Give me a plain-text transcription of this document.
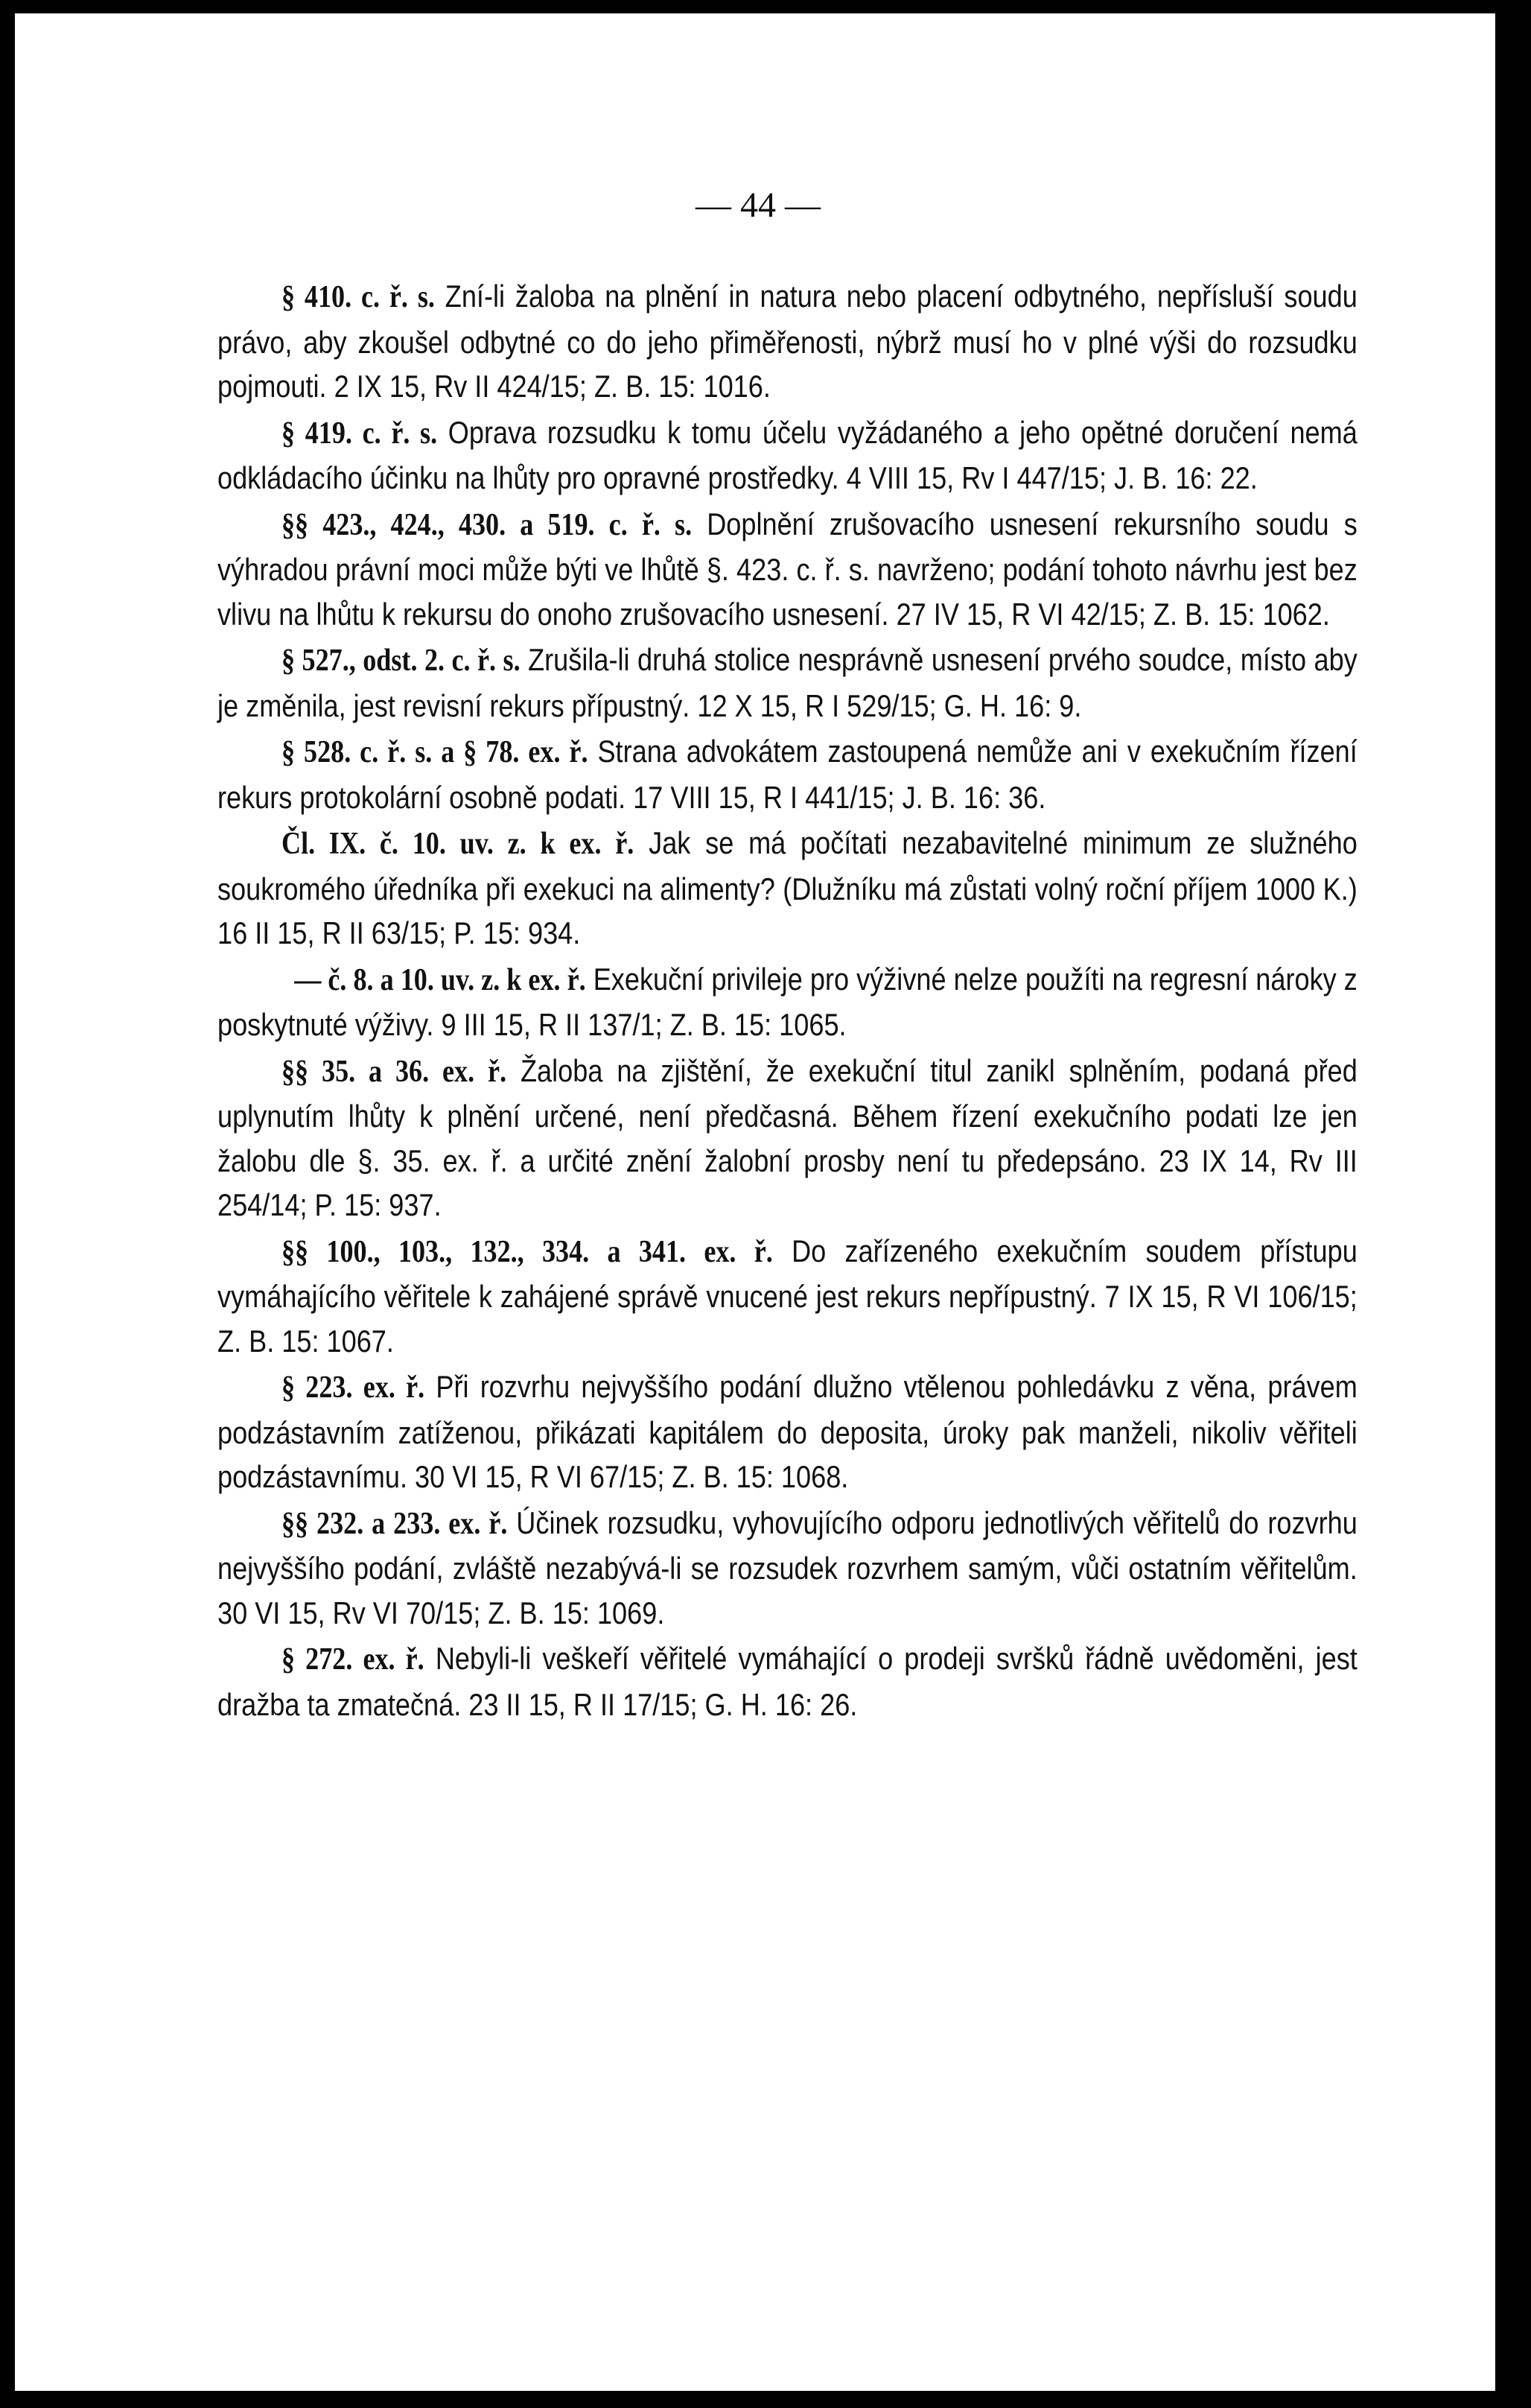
— 44 —

§ 410. c. ř. s. Zní-li žaloba na plnění in natura nebo placení odbytného, nepřísluší soudu právo, aby zkoušel odbytné co do jeho přiměřenosti, nýbrž musí ho v plné výši do rozsudku pojmouti. 2 IX 15, Rv II 424/15; Z. B. 15: 1016.

§ 419. c. ř. s. Oprava rozsudku k tomu účelu vyžádaného a jeho opětné doručení nemá odkládacího účinku na lhůty pro opravné prostředky. 4 VIII 15, Rv I 447/15; J. B. 16: 22.

§§ 423., 424., 430. a 519. c. ř. s. Doplnění zrušovacího usnesení rekursního soudu s výhradou právní moci může býti ve lhůtě §. 423. c. ř. s. navrženo; podání tohoto návrhu jest bez vlivu na lhůtu k rekursu do onoho zrušovacího usnesení. 27 IV 15, R VI 42/15; Z. B. 15: 1062.

§ 527., odst. 2. c. ř. s. Zrušila-li druhá stolice nesprávně usnesení prvého soudce, místo aby je změnila, jest revisní rekurs přípustný. 12 X 15, R I 529/15; G. H. 16: 9.

§ 528. c. ř. s. a § 78. ex. ř. Strana advokátem zastoupená nemůže ani v exekučním řízení rekurs protokolární osobně podati. 17 VIII 15, R I 441/15; J. B. 16: 36.

Čl. IX. č. 10. uv. z. k ex. ř. Jak se má počítati nezabavitelné minimum ze služného soukromého úředníka při exekuci na alimenty? (Dlužníku má zůstati volný roční příjem 1000 K.) 16 II 15, R II 63/15; P. 15: 934.

— č. 8. a 10. uv. z. k ex. ř. Exekuční privileje pro výživné nelze použíti na regresní nároky z poskytnuté výživy. 9 III 15, R II 137/1; Z. B. 15: 1065.

§§ 35. a 36. ex. ř. Žaloba na zjištění, že exekuční titul zanikl splněním, podaná před uplynutím lhůty k plnění určené, není předčasná. Během řízení exekučního podati lze jen žalobu dle §. 35. ex. ř. a určité znění žalobní prosby není tu předepsáno. 23 IX 14, Rv III 254/14; P. 15: 937.

§§ 100., 103., 132., 334. a 341. ex. ř. Do zařízeného exekučním soudem přístupu vymáhajícího věřitele k zahájené správě vnucené jest rekurs nepřípustný. 7 IX 15, R VI 106/15; Z. B. 15: 1067.

§ 223. ex. ř. Při rozvrhu nejvyššího podání dlužno vtělenou pohledávku z věna, právem podzástavním zatíženou, přikázati kapitálem do deposita, úroky pak manželi, nikoliv věřiteli podzástavnímu. 30 VI 15, R VI 67/15; Z. B. 15: 1068.

§§ 232. a 233. ex. ř. Účinek rozsudku, vyhovujícího odporu jednotlivých věřitelů do rozvrhu nejvyššího podání, zvláště nezabývá-li se rozsudek rozvrhem samým, vůči ostatním věřitelům. 30 VI 15, Rv VI 70/15; Z. B. 15: 1069.

§ 272. ex. ř. Nebyli-li veškeří věřitelé vymáhající o prodeji svršků řádně uvědoměni, jest dražba ta zmatečná. 23 II 15, R II 17/15; G. H. 16: 26.
